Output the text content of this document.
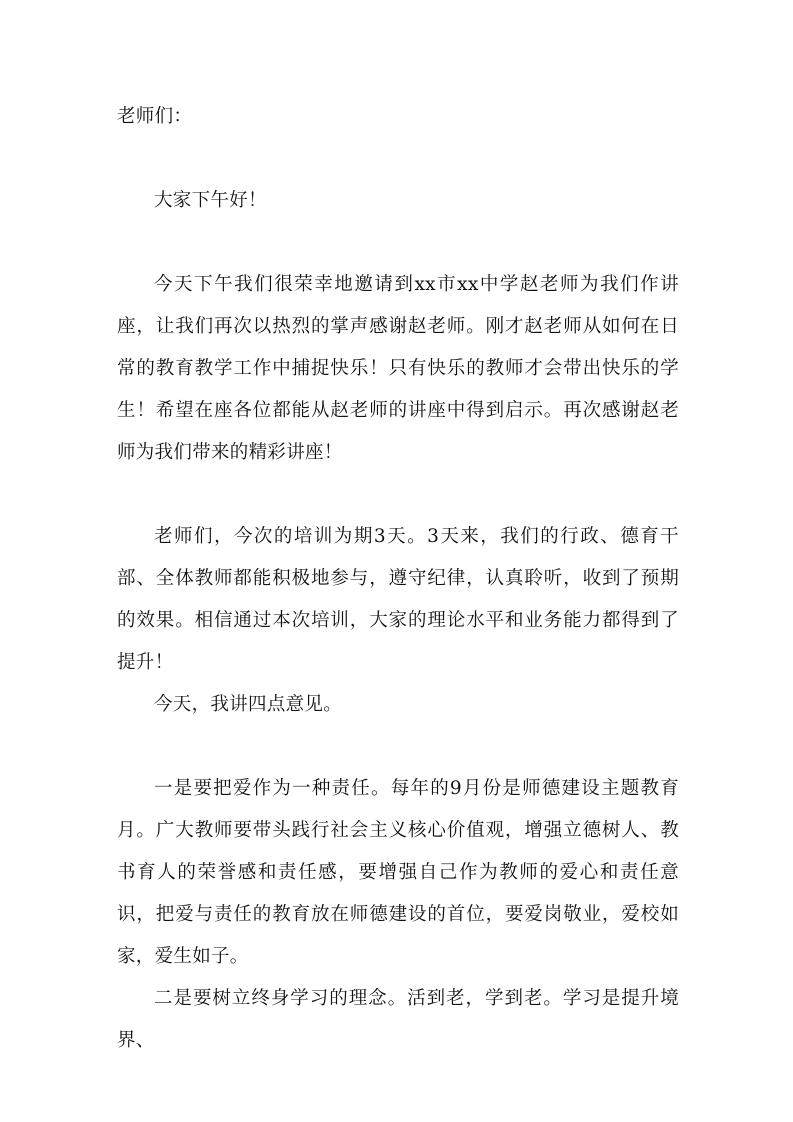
老师们：

大家下午好！

今天下午我们很荣幸地邀请到xx市xx中学赵老师为我们作讲座，让我们再次以热烈的掌声感谢赵老师。刚才赵老师从如何在日常的教育教学工作中捕捉快乐！只有快乐的教师才会带出快乐的学生！希望在座各位都能从赵老师的讲座中得到启示。再次感谢赵老师为我们带来的精彩讲座！

老师们，今次的培训为期3天。3天来，我们的行政、德育干部、全体教师都能积极地参与，遵守纪律，认真聆听，收到了预期的效果。相信通过本次培训，大家的理论水平和业务能力都得到了提升！

今天，我讲四点意见。

一是要把爱作为一种责任。每年的9月份是师德建设主题教育月。广大教师要带头践行社会主义核心价值观，增强立德树人、教书育人的荣誉感和责任感，要增强自己作为教师的爱心和责任意识，把爱与责任的教育放在师德建设的首位，要爱岗敬业，爱校如家，爱生如子。

二是要树立终身学习的理念。活到老，学到老。学习是提升境界、
